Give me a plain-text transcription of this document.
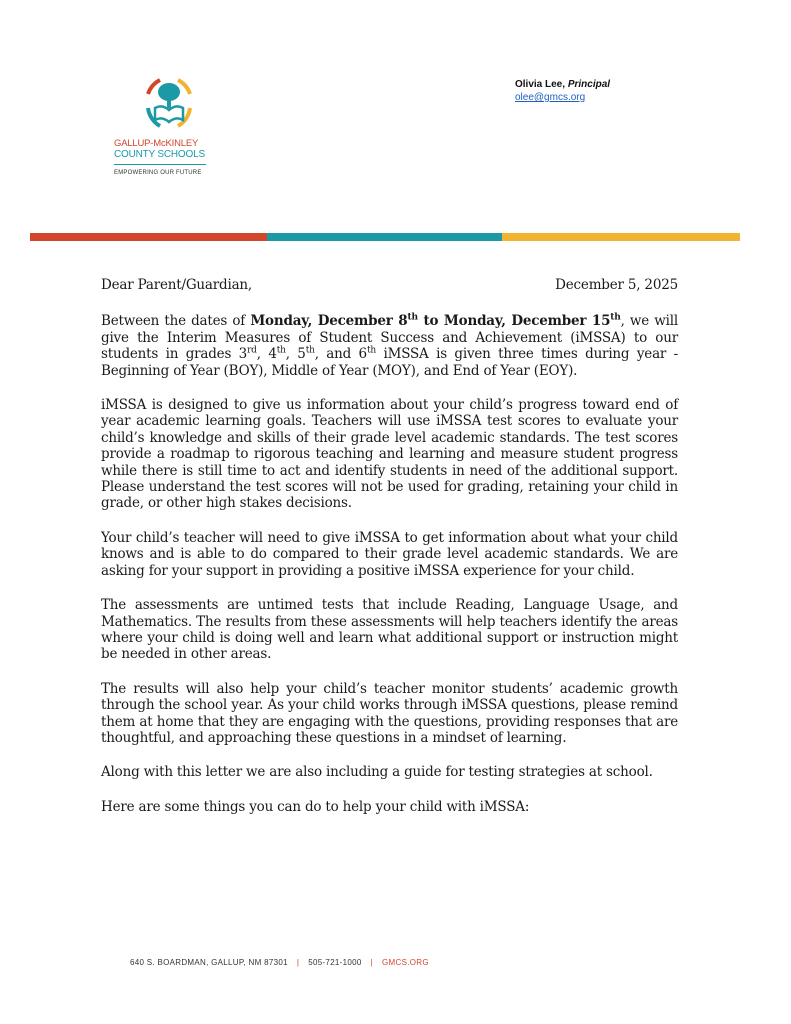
GALLUP-McKINLEY
COUNTY SCHOOLS
EMPOWERING OUR FUTURE
Olivia Lee, Principal
olee@gmcs.org
Dear Parent/Guardian,	December 5, 2025

Between the dates of Monday, December 8th to Monday, December 15th, we will give the Interim Measures of Student Success and Achievement (iMSSA) to our students in grades 3rd, 4th, 5th, and 6th iMSSA is given three times during year -Beginning of Year (BOY), Middle of Year (MOY), and End of Year (EOY).

iMSSA is designed to give us information about your child’s progress toward end of year academic learning goals. Teachers will use iMSSA test scores to evaluate your child’s knowledge and skills of their grade level academic standards. The test scores provide a roadmap to rigorous teaching and learning and measure student progress while there is still time to act and identify students in need of the additional support. Please understand the test scores will not be used for grading, retaining your child in grade, or other high stakes decisions.

Your child’s teacher will need to give iMSSA to get information about what your child knows and is able to do compared to their grade level academic standards. We are asking for your support in providing a positive iMSSA experience for your child.

The assessments are untimed tests that include Reading, Language Usage, and Mathematics. The results from these assessments will help teachers identify the areas where your child is doing well and learn what additional support or instruction might be needed in other areas.

The results will also help your child’s teacher monitor students’ academic growth through the school year. As your child works through iMSSA questions, please remind them at home that they are engaging with the questions, providing responses that are thoughtful, and approaching these questions in a mindset of learning.

Along with this letter we are also including a guide for testing strategies at school.

Here are some things you can do to help your child with iMSSA:

640 S. BOARDMAN, GALLUP, NM 87301 | 505-721-1000 | GMCS.ORG
